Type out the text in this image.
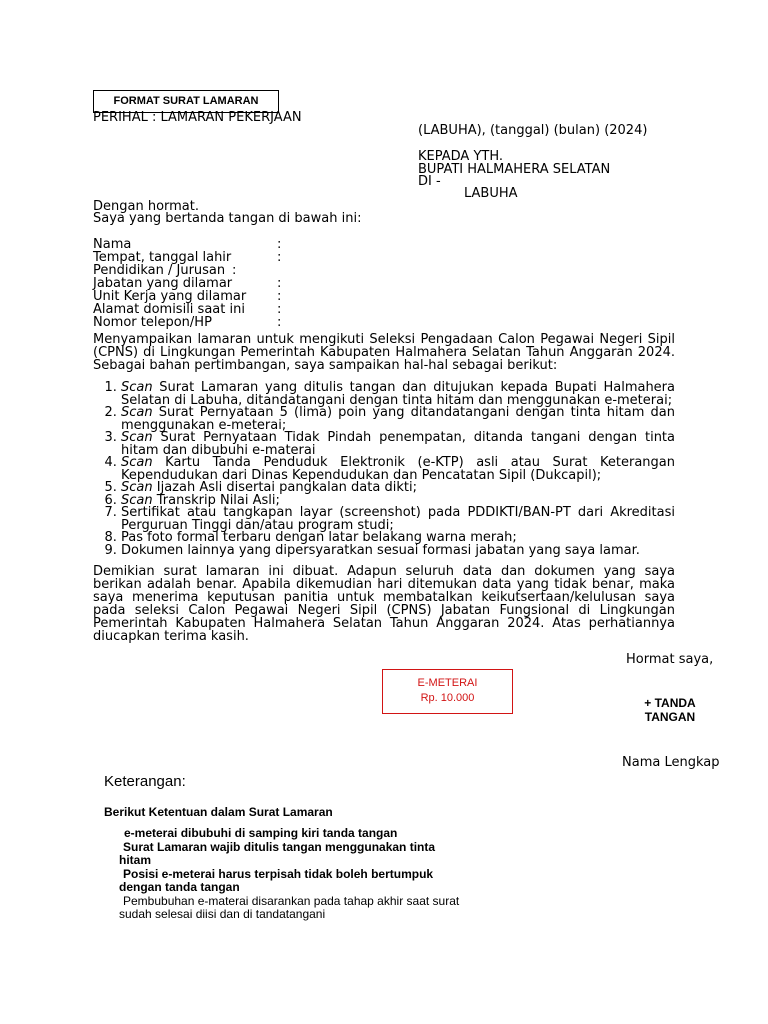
FORMAT SURAT LAMARAN
PERIHAL : LAMARAN PEKERJAAN
(LABUHA), (tanggal) (bulan) (2024)
KEPADA YTH.
BUPATI HALMAHERA SELATAN
DI -
LABUHA
Dengan hormat.
Saya yang bertanda tangan di bawah ini:
Nama	:
Tempat, tanggal lahir	:
Pendidikan / Jurusan :
Jabatan yang dilamar	:
Unit Kerja yang dilamar :
Alamat domisili saat ini :
Nomor telepon/HP	:
Menyampaikan lamaran untuk mengikuti Seleksi Pengadaan Calon Pegawai Negeri Sipil (CPNS) di Lingkungan Pemerintah Kabupaten Halmahera Selatan Tahun Anggaran 2024. Sebagai bahan pertimbangan, saya sampaikan hal-hal sebagai berikut:
1. Scan Surat Lamaran yang ditulis tangan dan ditujukan kepada Bupati Halmahera Selatan di Labuha, ditandatangani dengan tinta hitam dan menggunakan e-meterai;
2. Scan Surat Pernyataan 5 (lima) poin yang ditandatangani dengan tinta hitam dan menggunakan e-meterai;
3. Scan Surat Pernyataan Tidak Pindah penempatan, ditanda tangani dengan tinta hitam dan dibubuhi e-materai
4. Scan Kartu Tanda Penduduk Elektronik (e-KTP) asli atau Surat Keterangan Kependudukan dari Dinas Kependudukan dan Pencatatan Sipil (Dukcapil);
5. Scan Ijazah Asli disertai pangkalan data dikti;
6. Scan Transkrip Nilai Asli;
7. Sertifikat atau tangkapan layar (screenshot) pada PDDIKTI/BAN-PT dari Akreditasi Perguruan Tinggi dan/atau program studi;
8. Pas foto formal terbaru dengan latar belakang warna merah;
9. Dokumen lainnya yang dipersyaratkan sesuai formasi jabatan yang saya lamar.
Demikian surat lamaran ini dibuat. Adapun seluruh data dan dokumen yang saya berikan adalah benar. Apabila dikemudian hari ditemukan data yang tidak benar, maka saya menerima keputusan panitia untuk membatalkan keikutsertaan/kelulusan saya pada seleksi Calon Pegawai Negeri Sipil (CPNS) Jabatan Fungsional di Lingkungan Pemerintah Kabupaten Halmahera Selatan Tahun Anggaran 2024. Atas perhatiannya diucapkan terima kasih.
Hormat saya,
E-METERAI
Rp. 10.000	+ TANDA
TANGAN
Nama Lengkap
Keterangan:
Berikut Ketentuan dalam Surat Lamaran
e-meterai dibubuhi di samping kiri tanda tangan
Surat Lamaran wajib ditulis tangan menggunakan tinta hitam
Posisi e-meterai harus terpisah tidak boleh bertumpuk dengan tanda tangan
Pembubuhan e-materai disarankan pada tahap akhir saat surat sudah selesai diisi dan di tandatangani
